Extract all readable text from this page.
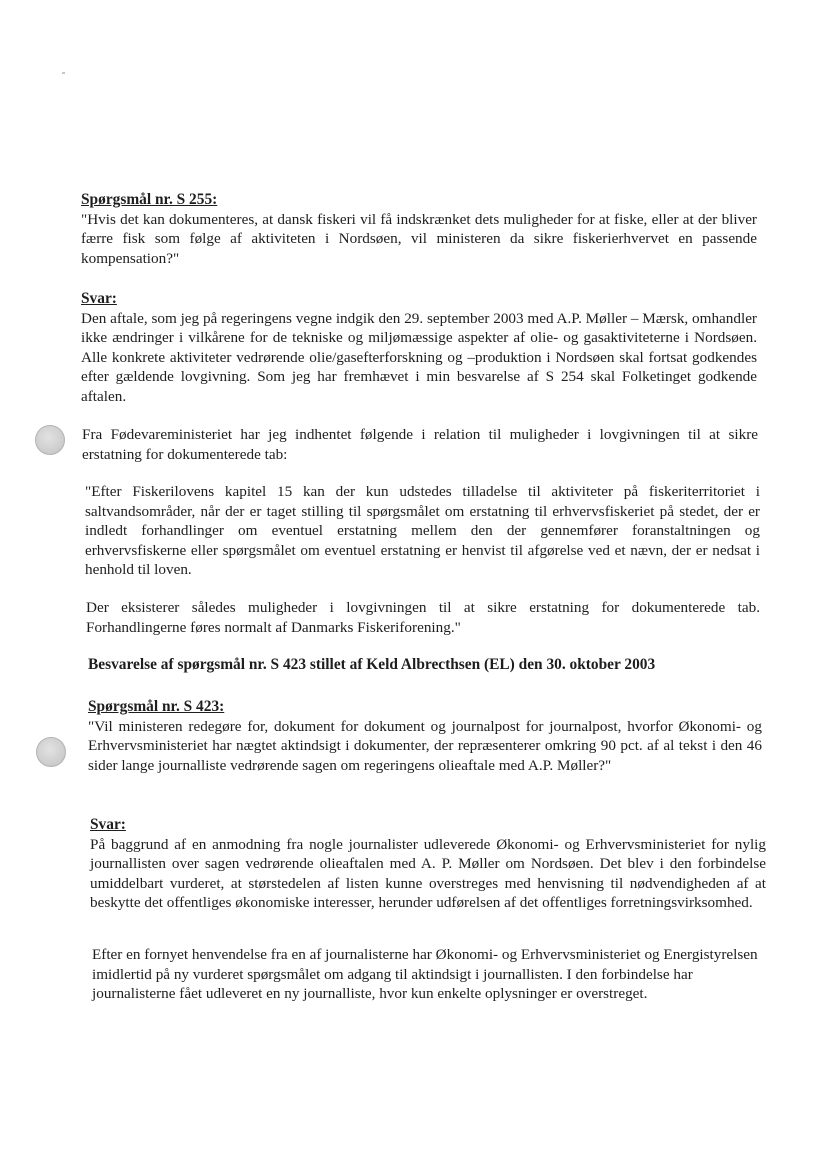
Spørgsmål nr. S 255:

"Hvis det kan dokumenteres, at dansk fiskeri vil få indskrænket dets muligheder for at fiske, eller at der bliver færre fisk som følge af aktiviteten i Nordsøen, vil ministeren da sikre fiskerierhvervet en passende kompensation?"

Svar:

Den aftale, som jeg på regeringens vegne indgik den 29. september 2003 med A.P. Møller – Mærsk, omhandler ikke ændringer i vilkårene for de tekniske og miljømæssige aspekter af olie- og gasaktiviteterne i Nordsøen. Alle konkrete aktiviteter vedrørende olie/gasefterforskning og –produktion i Nordsøen skal fortsat godkendes efter gældende lovgivning. Som jeg har fremhævet i min besvarelse af S 254 skal Folketinget godkende aftalen.

Fra Fødevareministeriet har jeg indhentet følgende i relation til muligheder i lovgivningen til at sikre erstatning for dokumenterede tab:

"Efter Fiskerilovens kapitel 15 kan der kun udstedes tilladelse til aktiviteter på fiskeriterritoriet i saltvandsområder, når der er taget stilling til spørgsmålet om erstatning til erhvervsfiskeriet på stedet, der er indledt forhandlinger om eventuel erstatning mellem den der gennemfører foranstaltningen og erhvervsfiskerne eller spørgsmålet om eventuel erstatning er henvist til afgørelse ved et nævn, der er nedsat i henhold til loven.

Der eksisterer således muligheder i lovgivningen til at sikre erstatning for dokumenterede tab. Forhandlingerne føres normalt af Danmarks Fiskeriforening."

Besvarelse af spørgsmål nr. S 423 stillet af Keld Albrecthsen (EL) den 30. oktober 2003

Spørgsmål nr. S 423:

"Vil ministeren redegøre for, dokument for dokument og journalpost for journalpost, hvorfor Økonomi- og Erhvervsministeriet har nægtet aktindsigt i dokumenter, der repræsenterer omkring 90 pct. af al tekst i den 46 sider lange journalliste vedrørende sagen om regeringens olieaftale med A.P. Møller?"

Svar:

På baggrund af en anmodning fra nogle journalister udleverede Økonomi- og Erhvervsministeriet for nylig journallisten over sagen vedrørende olieaftalen med A. P. Møller om Nordsøen. Det blev i den forbindelse umiddelbart vurderet, at størstedelen af listen kunne overstreges med henvisning til nødvendigheden af at beskytte det offentliges økonomiske interesser, herunder udførelsen af det offentliges forretningsvirksomhed.

Efter en fornyet henvendelse fra en af journalisterne har Økonomi- og Erhvervsministeriet og Energistyrelsen imidlertid på ny vurderet spørgsmålet om adgang til aktindsigt i journallisten. I den forbindelse har journalisterne fået udleveret en ny journalliste, hvor kun enkelte oplysninger er overstreget.
